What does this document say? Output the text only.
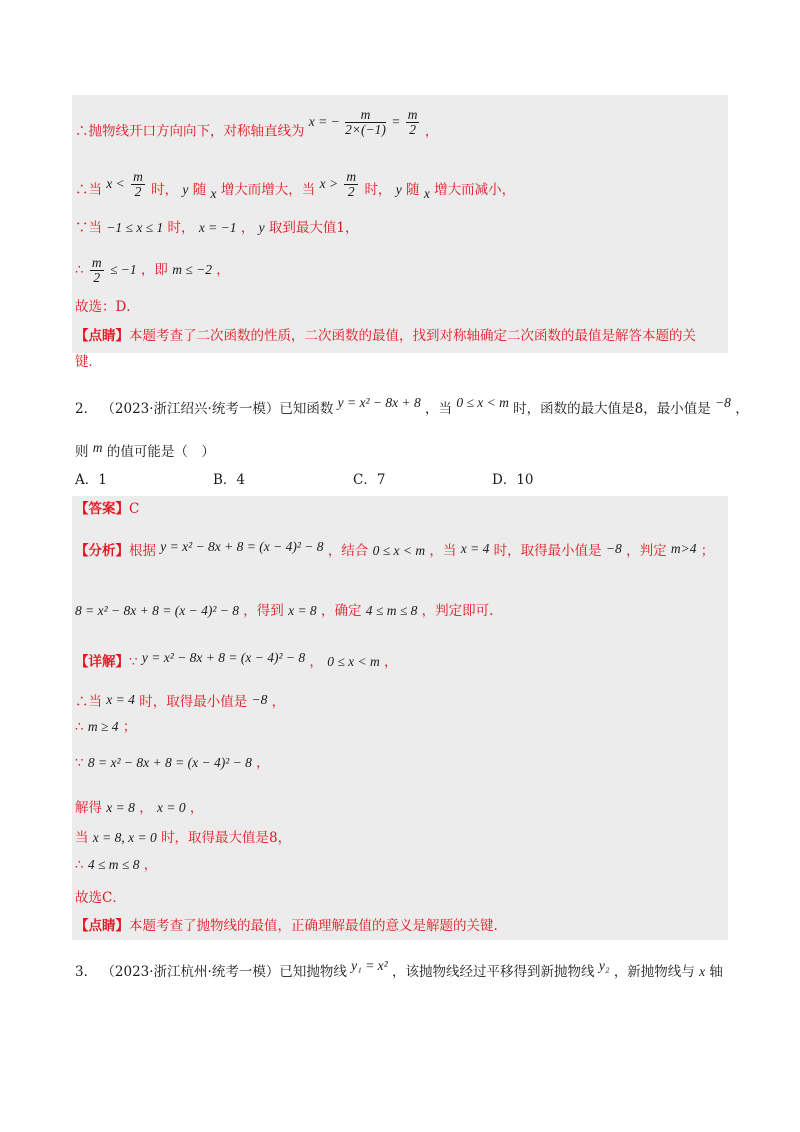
∴抛物线开口方向向下，对称轴直线为 x = − $\frac{m}{2\times(-1)} = \frac{m}{2}$ ，
∴当 $x < \frac{m}{2}$ 时， y 随 x 增大而增大，当 $x > \frac{m}{2}$ 时， y 随 x 增大而减小，
∵当 −1 ≤ x ≤ 1 时， x = −1 ， y 取到最大值1，
∴ $\frac{m}{2} \le -1$ ，即 m ≤ −2 ，
故选：D．
【点睛】本题考查了二次函数的性质，二次函数的最值，找到对称轴确定二次函数的最值是解答本题的关
键．
2． （2023·浙江绍兴·统考一模）已知函数 y = x² − 8x + 8 ，当 0 ≤ x < m 时，函数的最大值是8，最小值是 −8 ，
则 m 的值可能是（　）
A．1	B．4	C．7	D．10
【答案】C
【分析】根据 y = x² − 8x + 8 = (x − 4)² − 8 ，结合 0 ≤ x < m ，当 x = 4 时，取得最小值是 −8 ，判定 m>4 ；
8 = x² − 8x + 8 = (x − 4)² − 8 ，得到 x = 8 ，确定 4 ≤ m ≤ 8 ，判定即可.
【详解】∵ y = x² − 8x + 8 = (x − 4)² − 8 ， 0 ≤ x < m ，
∴当 x = 4 时，取得最小值是 −8 ，
∴ m ≥ 4 ；
∵ 8 = x² − 8x + 8 = (x − 4)² − 8 ，
解得 x = 8 ， x = 0 ，
当 x = 8, x = 0 时，取得最大值是8，
∴ 4 ≤ m ≤ 8 ，
故选C．
【点睛】本题考查了抛物线的最值，正确理解最值的意义是解题的关键.
3． （2023·浙江杭州·统考一模）已知抛物线 y₁ = x² ，该抛物线经过平移得到新抛物线 y₂ ，新抛物线与 x 轴
